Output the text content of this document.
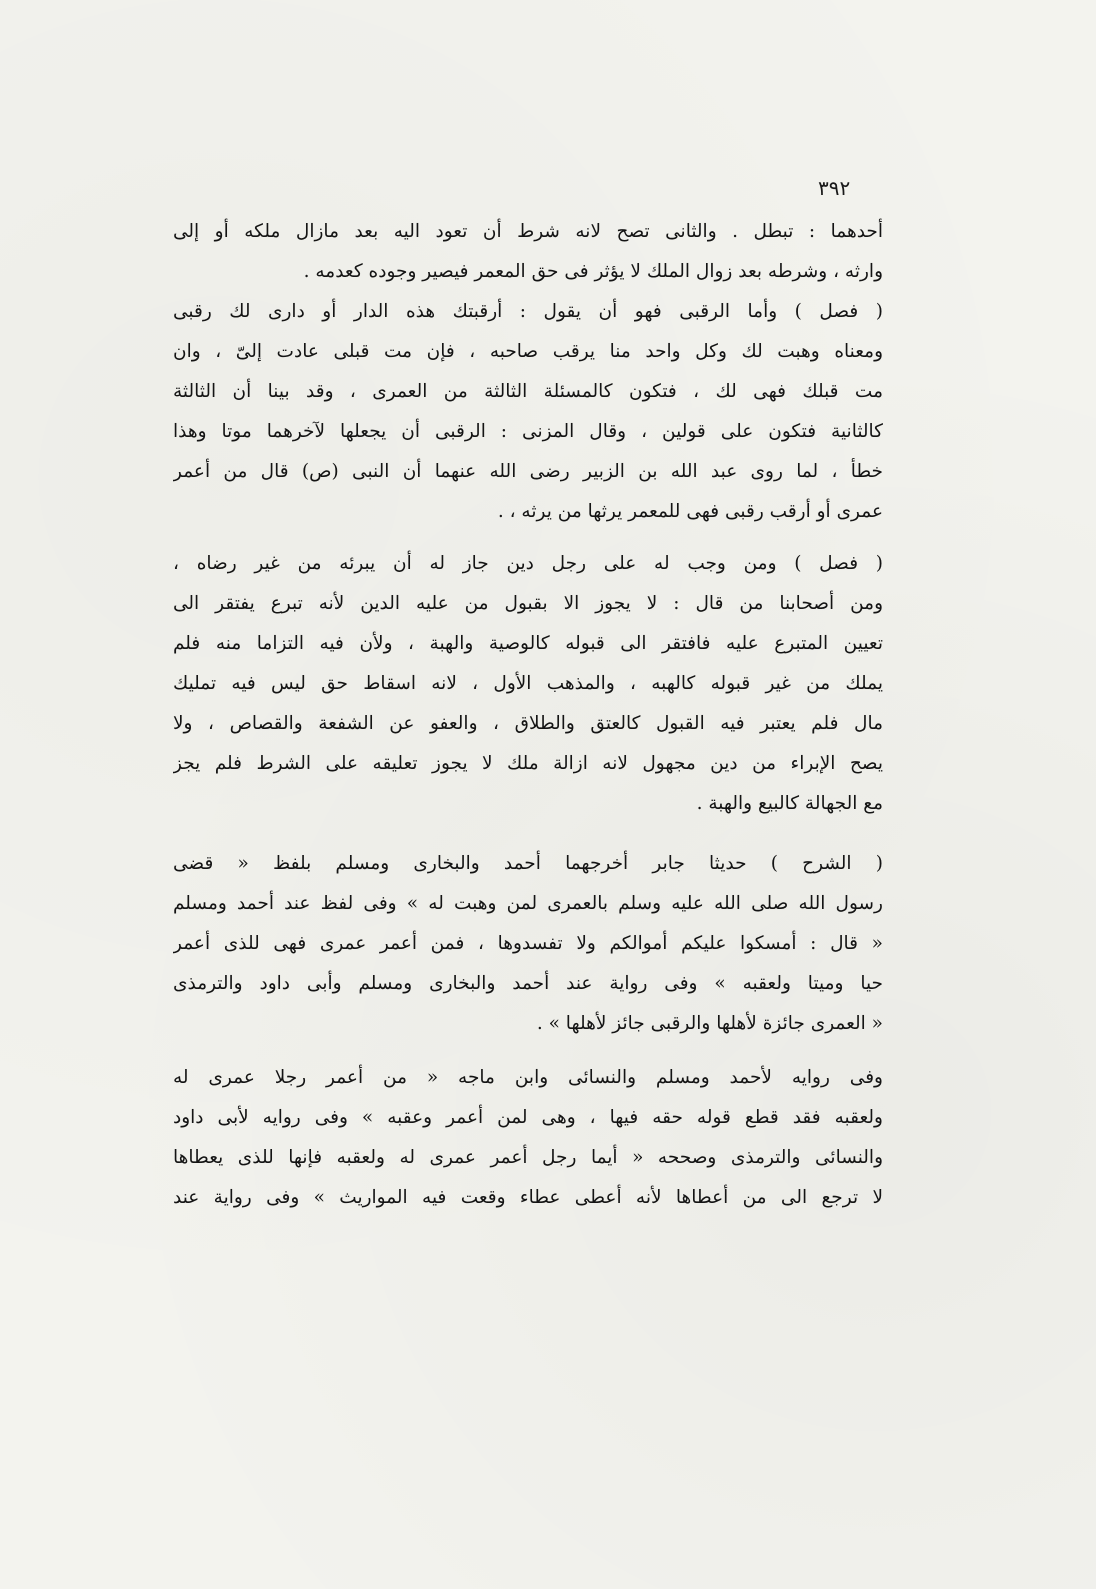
٣٩٢
أحدهما : تبطل . والثانى تصح لانه شرط أن تعود اليه بعد مازال ملكه أو إلى
وارثه ، وشرطه بعد زوال الملك لا يؤثر فى حق المعمر فيصير وجوده كعدمه .
( فصل ) وأما الرقبى فهو أن يقول : أرقبتك هذه الدار أو دارى لك رقبى
ومعناه وهبت لك وكل واحد منا يرقب صاحبه ، فإن مت قبلى عادت إلىّ ، وان
مت قبلك فهى لك ، فتكون كالمسئلة الثالثة من العمرى ، وقد بينا أن الثالثة
كالثانية فتكون على قولين ، وقال المزنى : الرقبى أن يجعلها لآخرهما موتا وهذا
خطأ ، لما روى عبد الله بن الزبير رضى الله عنهما أن النبى (ص) قال من أعمر
عمرى أو أرقب رقبى فهى للمعمر يرثها من يرثه ، .
( فصل ) ومن وجب له على رجل دين جاز له أن يبرئه من غير رضاه ،
ومن أصحابنا من قال : لا يجوز الا بقبول من عليه الدين لأنه تبرع يفتقر الى
تعيين المتبرع عليه فافتقر الى قبوله كالوصية والهبة ، ولأن فيه التزاما منه فلم
يملك من غير قبوله كالهبه ، والمذهب الأول ، لانه اسقاط حق ليس فيه تمليك
مال فلم يعتبر فيه القبول كالعتق والطلاق ، والعفو عن الشفعة والقصاص ، ولا
يصح الإبراء من دين مجهول لانه ازالة ملك لا يجوز تعليقه على الشرط فلم يجز
مع الجهالة كالبيع والهبة .
( الشرح ) حديثا جابر أخرجهما أحمد والبخارى ومسلم بلفظ « قضى
رسول الله صلى الله عليه وسلم بالعمرى لمن وهبت له » وفى لفظ عند أحمد ومسلم
« قال : أمسكوا عليكم أموالكم ولا تفسدوها ، فمن أعمر عمرى فهى للذى أعمر
حيا وميتا ولعقبه » وفى رواية عند أحمد والبخارى ومسلم وأبى داود والترمذى
« العمرى جائزة لأهلها والرقبى جائز لأهلها » .
وفى روايه لأحمد ومسلم والنسائى وابن ماجه « من أعمر رجلا عمرى له
ولعقبه فقد قطع قوله حقه فيها ، وهى لمن أعمر وعقبه » وفى روايه لأبى داود
والنسائى والترمذى وصححه « أيما رجل أعمر عمرى له ولعقبه فإنها للذى يعطاها
لا ترجع الى من أعطاها لأنه أعطى عطاء وقعت فيه المواريث » وفى رواية عند
